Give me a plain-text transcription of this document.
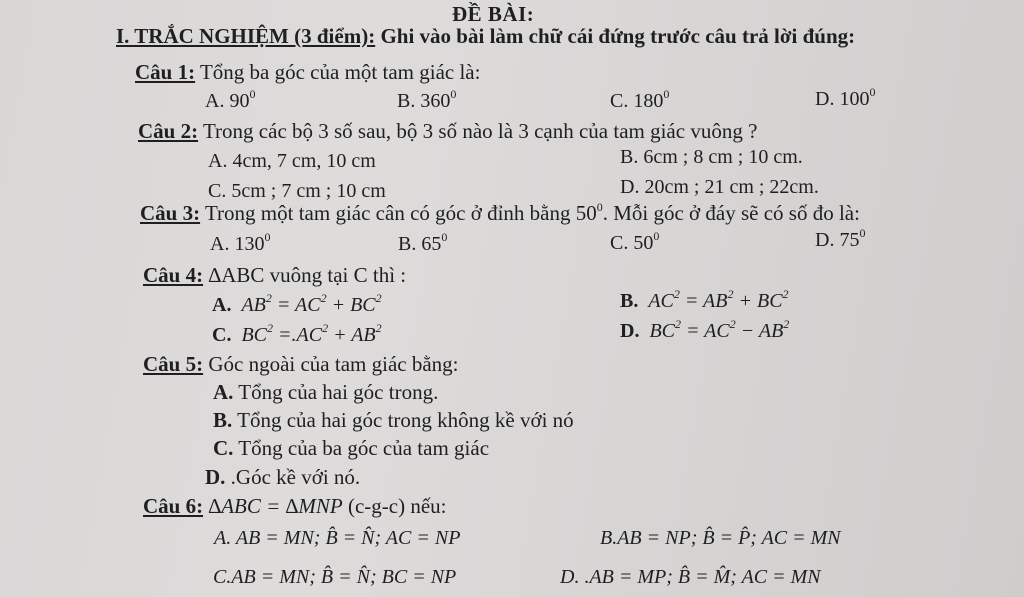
ĐỀ BÀI:
I. TRẮC NGHIỆM (3 điểm): Ghi vào bài làm chữ cái đứng trước câu trả lời đúng:
Câu 1: Tổng ba góc của một tam giác là:
A. $90^0$	B. $360^0$	C. $180^0$	D. $100^0$
Câu 2: Trong các bộ 3 số sau, bộ 3 số nào là 3 cạnh của tam giác vuông ?
A. 4cm, 7 cm, 10 cm	B. 6cm ; 8 cm ; 10 cm.
C. 5cm ; 7 cm ; 10 cm	D. 20cm ; 21 cm ; 22cm.
Câu 3: Trong một tam giác cân có góc ở đỉnh bằng $50^0$. Mỗi góc ở đáy sẽ có số đo là:
A. $130^0$	B. $65^0$	C. $50^0$	D. $75^0$
Câu 4: ∆ABC vuông tại C thì :
A. $AB^2 = AC^2 + BC^2$	B. $AC^2 = AB^2 + BC^2$
C. $BC^2 =.AC^2 + AB^2$	D. $BC^2 = AC^2 - AB^2$
Câu 5: Góc ngoài của tam giác bằng:
A. Tổng của hai góc trong.
B. Tổng của hai góc trong không kề với nó
C. Tổng của ba góc của tam giác
D. .Góc kề với nó.
Câu 6: ∆ABC = ∆MNP (c-g-c) nếu:
A. AB = MN; B̂ = N̂; AC = NP	B.AB = NP; B̂ = P̂; AC = MN
C.AB = MN; B̂ = N̂; BC = NP	D. .AB = MP; B̂ = M̂; AC = MN
